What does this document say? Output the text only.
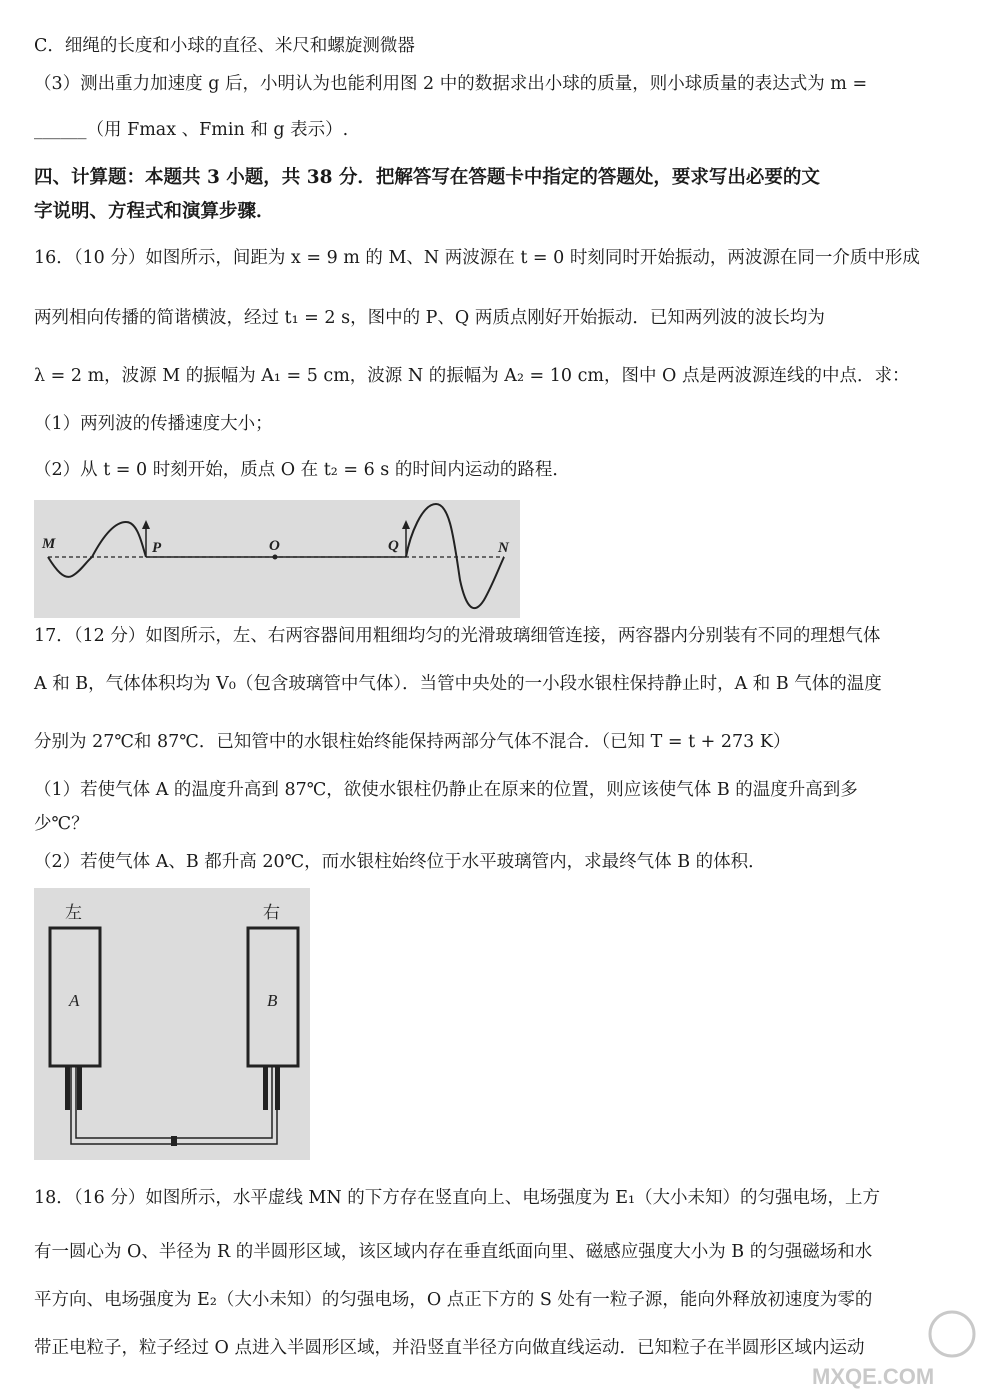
C．细绳的长度和小球的直径、米尺和螺旋测微器
（3）测出重力加速度 g 后，小明认为也能利用图 2 中的数据求出小球的质量，则小球质量的表达式为 m =
______（用 Fmax 、Fmin 和 g 表示）.
四、计算题：本题共 3 小题，共 38 分．把解答写在答题卡中指定的答题处，要求写出必要的文
字说明、方程式和演算步骤．
16．（10 分）如图所示，间距为 x = 9 m 的 M、N 两波源在 t = 0 时刻同时开始振动，两波源在同一介质中形成
两列相向传播的简谐横波，经过 t₁ = 2 s，图中的 P、Q 两质点刚好开始振动．已知两列波的波长均为
λ = 2 m，波源 M 的振幅为 A₁ = 5 cm，波源 N 的振幅为 A₂ = 10 cm，图中 O 点是两波源连线的中点．求：
（1）两列波的传播速度大小；
（2）从 t = 0 时刻开始，质点 O 在 t₂ = 6 s 的时间内运动的路程．
M	P	O	Q	N
17．（12 分）如图所示，左、右两容器间用粗细均匀的光滑玻璃细管连接，两容器内分别装有不同的理想气体
A 和 B，气体体积均为 V₀（包含玻璃管中气体）．当管中央处的一小段水银柱保持静止时，A 和 B 气体的温度
分别为 27℃和 87℃．已知管中的水银柱始终能保持两部分气体不混合．（已知 T = t + 273 K）
（1）若使气体 A 的温度升高到 87℃，欲使水银柱仍静止在原来的位置，则应该使气体 B 的温度升高到多
少℃？
（2）若使气体 A、B 都升高 20℃，而水银柱始终位于水平玻璃管内，求最终气体 B 的体积．
左	右
A	B
18．（16 分）如图所示，水平虚线 MN 的下方存在竖直向上、电场强度为 E₁（大小未知）的匀强电场，上方
有一圆心为 O、半径为 R 的半圆形区域，该区域内存在垂直纸面向里、磁感应强度大小为 B 的匀强磁场和水
平方向、电场强度为 E₂（大小未知）的匀强电场，O 点正下方的 S 处有一粒子源，能向外释放初速度为零的
带正电粒子，粒子经过 O 点进入半圆形区域，并沿竖直半径方向做直线运动．已知粒子在半圆形区域内运动
MXQE.COM
